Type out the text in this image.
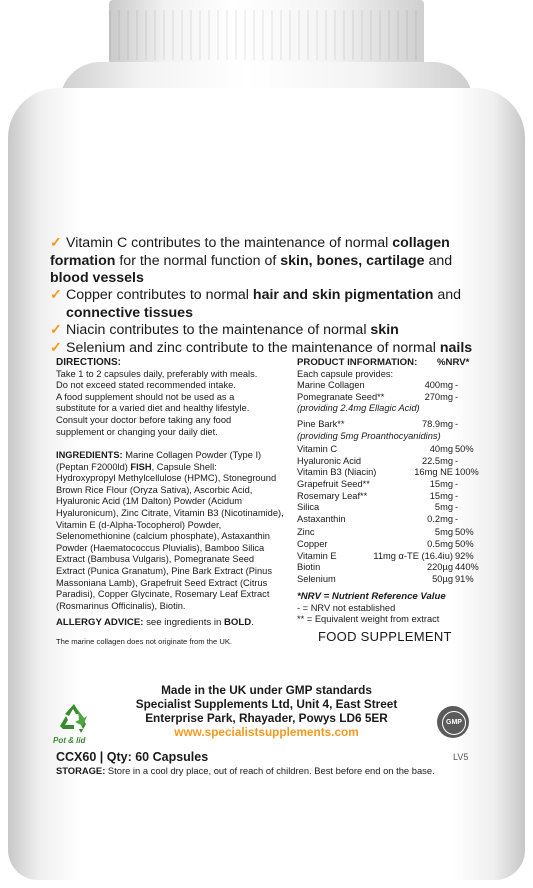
✓ Vitamin C contributes to the maintenance of normal collagen formation for the normal function of skin, bones, cartilage and blood vessels
✓ Copper contributes to normal hair and skin pigmentation and
connective tissues
✓ Niacin contributes to the maintenance of normal skin
✓ Selenium and zinc contribute to the maintenance of normal nails
DIRECTIONS:
Take 1 to 2 capsules daily, preferably with meals.
Do not exceed stated recommended intake.
A food supplement should not be used as a
substitute for a varied diet and healthy lifestyle.
Consult your doctor before taking any food
supplement or changing your daily diet.
INGREDIENTS: Marine Collagen Powder (Type I)
(Peptan F2000ld) FISH, Capsule Shell:
Hydroxypropyl Methylcellulose (HPMC), Stoneground
Brown Rice Flour (Oryza Sativa), Ascorbic Acid,
Hyaluronic Acid (1M Dalton) Powder (Acidum
Hyaluronicum), Zinc Citrate, Vitamin B3 (Nicotinamide),
Vitamin E (d-Alpha-Tocopherol) Powder,
Selenomethionine (calcium phosphate), Astaxanthin
Powder (Haematococcus Pluvialis), Bamboo Silica
Extract (Bambusa Vulgaris), Pomegranate Seed
Extract (Punica Granatum), Pine Bark Extract (Pinus
Massoniana Lamb), Grapefruit Seed Extract (Citrus
Paradisi), Copper Glycinate, Rosemary Leaf Extract
(Rosmarinus Officinalis), Biotin.
ALLERGY ADVICE: see ingredients in BOLD.
The marine collagen does not originate from the UK.
PRODUCT INFORMATION: %NRV*
Each capsule provides:
Marine Collagen	400mg -
Pomegranate Seed**	270mg -
(providing 2.4mg Ellagic Acid)
Pine Bark**	78.9mg -
(providing 5mg Proanthocyanidins)
Vitamin C	40mg 50%
Hyaluronic Acid	22.5mg -
Vitamin B3 (Niacin)	16mg NE 100%
Grapefruit Seed**	15mg -
Rosemary Leaf**	15mg -
Silica	5mg -
Astaxanthin	0.2mg -
Zinc	5mg 50%
Copper	0.5mg 50%
Vitamin E	11mg α-TE (16.4iu) 92%
Biotin	220µg 440%
Selenium	50µg 91%
*NRV = Nutrient Reference Value
- = NRV not established
** = Equivalent weight from extract
FOOD SUPPLEMENT
Made in the UK under GMP standards
Specialist Supplements Ltd, Unit 4, East Street
Enterprise Park, Rhayader, Powys LD6 5ER
www.specialistsupplements.com
Pot & lid
GMP
CCX60 | Qty: 60 Capsules	LV5
STORAGE: Store in a cool dry place, out of reach of children. Best before end on the base.
